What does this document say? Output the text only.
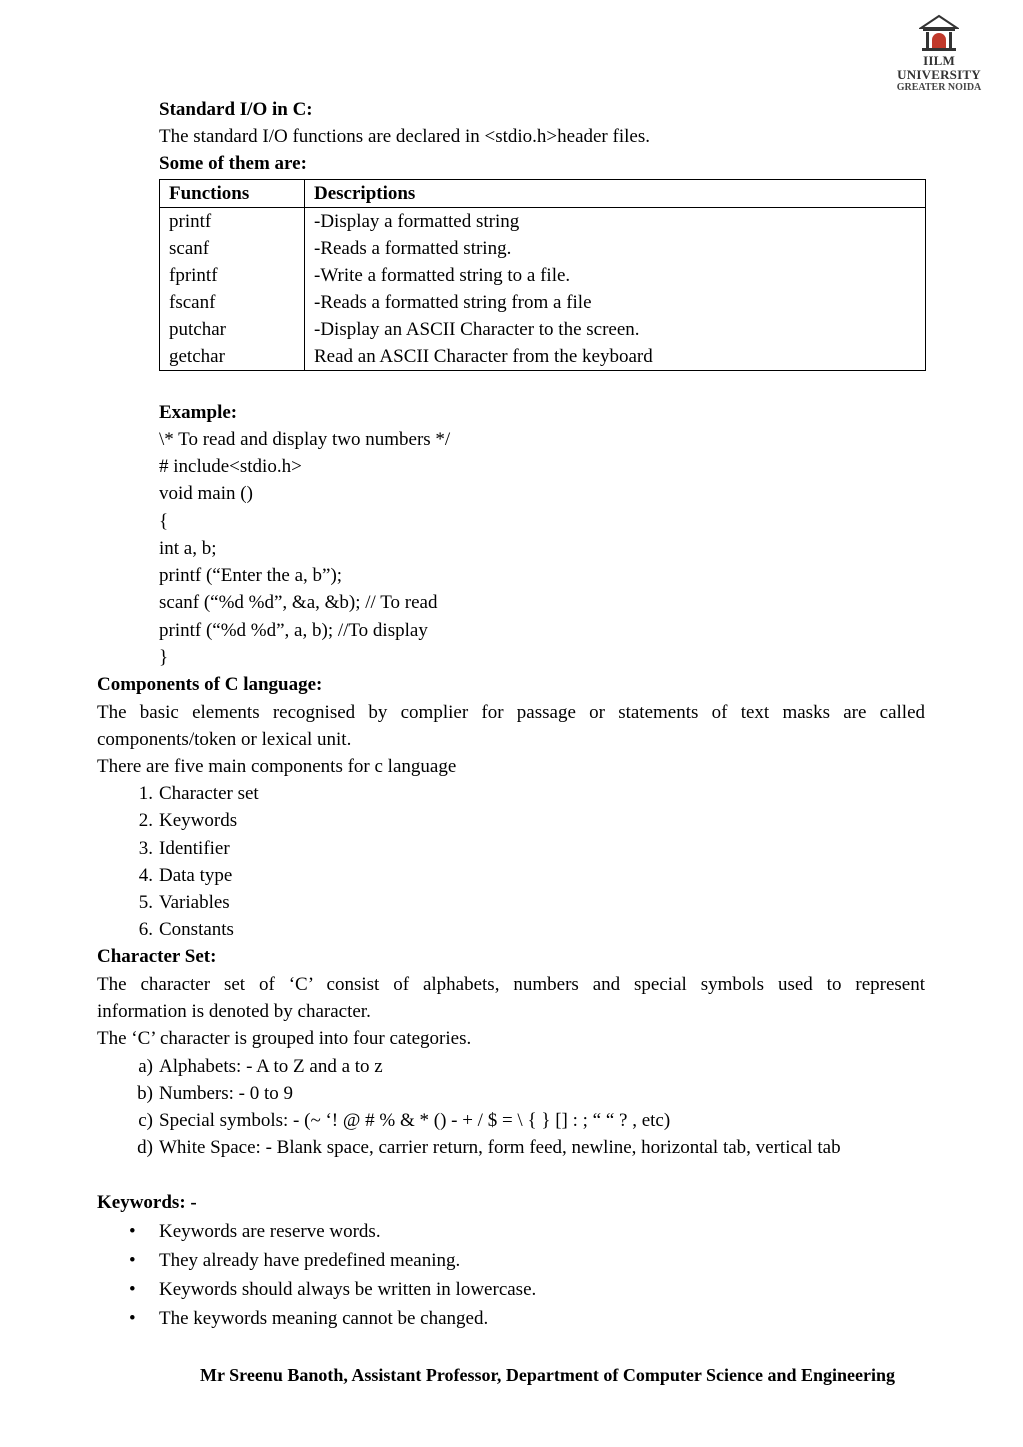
IILM UNIVERSITY
GREATER NOIDA
Standard I/O in C:
The standard I/O functions are declared in <stdio.h>header files.
Some of them are:
Functions	Descriptions
printf	-Display a formatted string
scanf	-Reads a formatted string.
fprintf	-Write a formatted string to a file.
fscanf	-Reads a formatted string from a file
putchar	-Display an ASCII Character to the screen.
getchar	Read an ASCII Character from the keyboard
Example:
\* To read and display two numbers */
# include<stdio.h>
void main ()
{
int a, b;
printf (“Enter the a, b”);
scanf (“%d %d”, &a, &b); // To read
printf (“%d %d”, a, b); //To display
}
Components of C language:
The basic elements recognised by complier for passage or statements of text masks are called
components/token or lexical unit.
There are five main components for c language
1. Character set
2. Keywords
3. Identifier
4. Data type
5. Variables
6. Constants
Character Set:
The character set of ‘C’ consist of alphabets, numbers and special symbols used to represent
information is denoted by character.
The ‘C’ character is grouped into four categories.
a) Alphabets: - A to Z and a to z
b) Numbers: - 0 to 9
c) Special symbols: - (~ ‘! @ # % & * () - + / $ = \ { } [] : ; “ “ ? , etc)
d) White Space: - Blank space, carrier return, form feed, newline, horizontal tab, vertical tab
Keywords: -
• Keywords are reserve words.
• They already have predefined meaning.
• Keywords should always be written in lowercase.
• The keywords meaning cannot be changed.
Mr Sreenu Banoth, Assistant Professor, Department of Computer Science and Engineering
